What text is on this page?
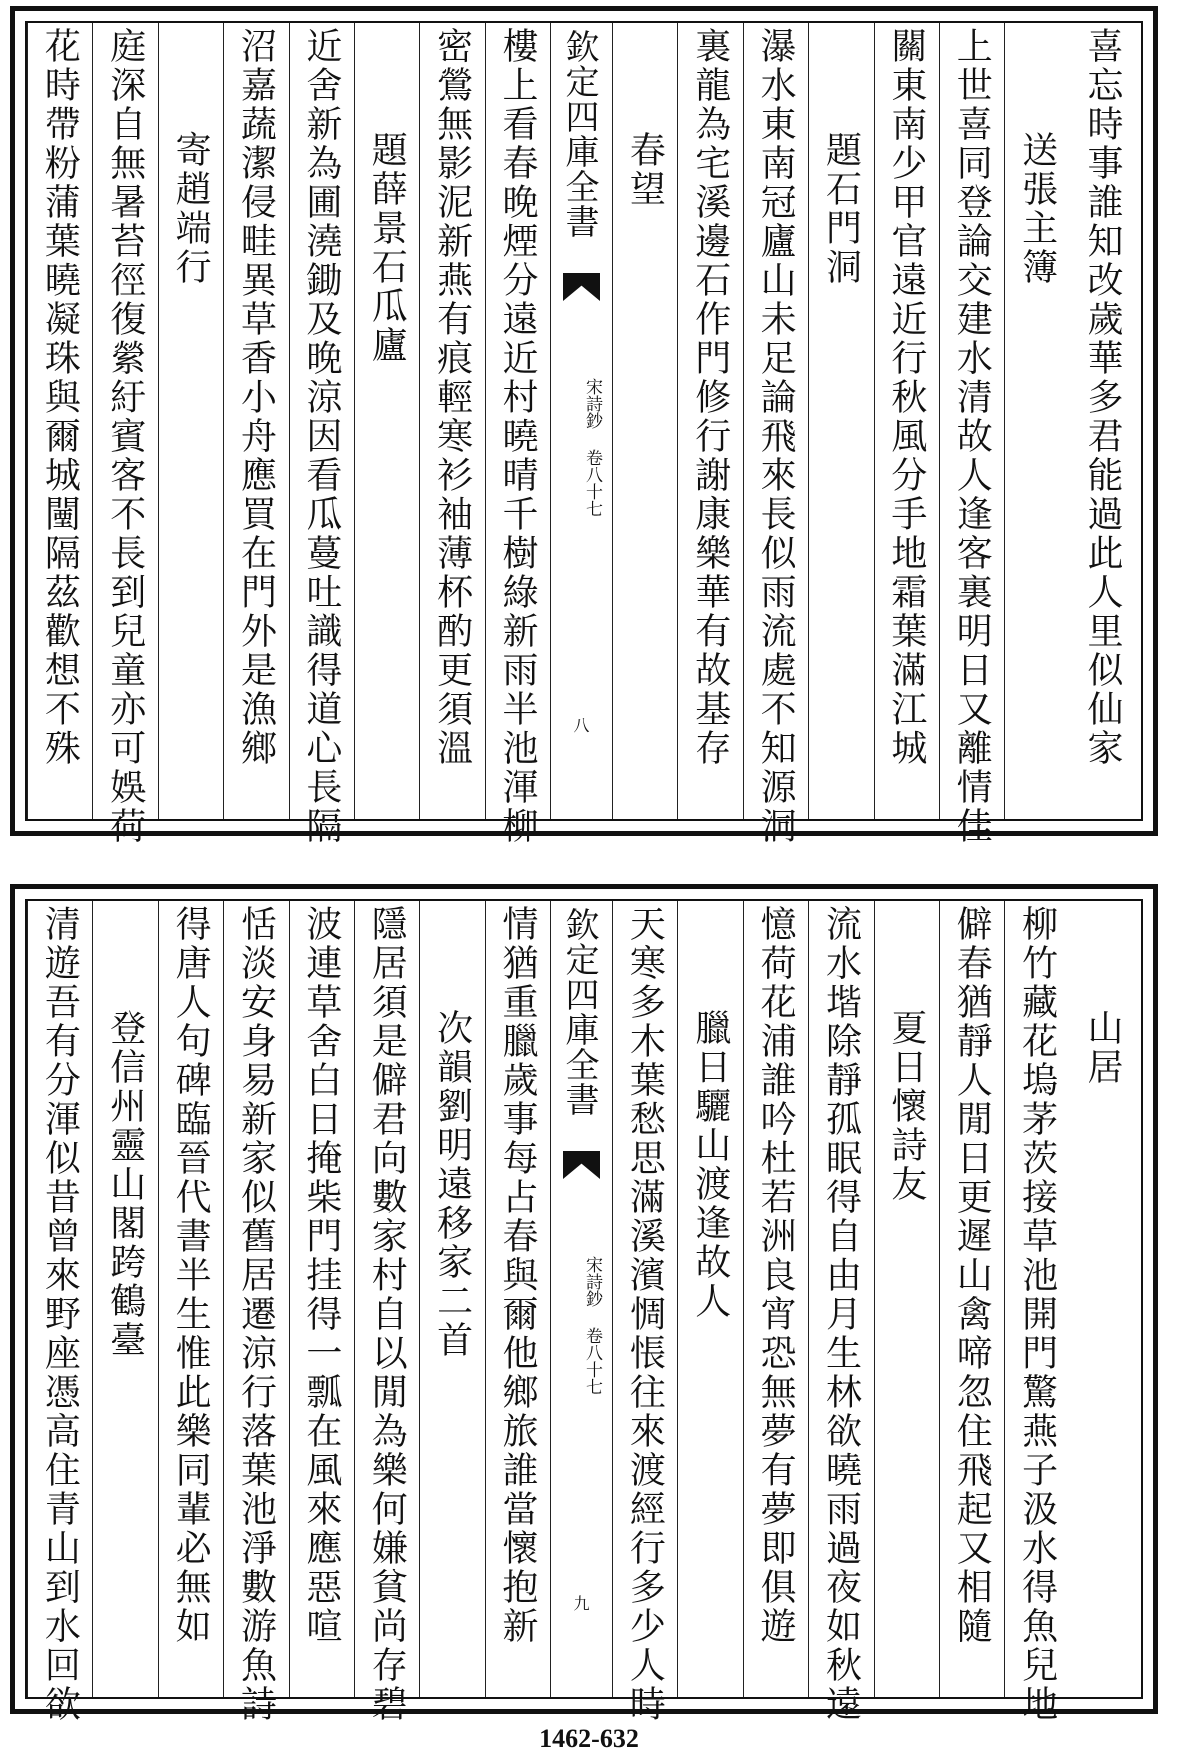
喜忘時事誰知改歲華多君能過此人里似仙家
送張主簿
上世喜同登論交建水清故人逢客裏明日又離情佳
關東南少甲官遠近行秋風分手地霜葉滿江城
題石門洞
瀑水東南冠廬山未足論飛來長似雨流處不知源洞
裏龍為宅溪邊石作門修行謝康樂華有故基存
春望
欽定四庫全書
宋詩鈔 卷八十七
八
樓上看春晚煙分遠近村曉晴千樹綠新雨半池渾柳
密鶯無影泥新燕有痕輕寒衫袖薄杯酌更須溫
題薛景石瓜廬
近舍新為圃澆鋤及晚涼因看瓜蔓吐識得道心長隔
沼嘉蔬潔侵畦異草香小舟應買在門外是漁鄉
寄趙端行
庭深自無暑苔徑復縈紆賓客不長到兒童亦可娛荷
花時帶粉蒲葉曉凝珠與爾城闉隔茲歡想不殊
山居
柳竹藏花塢茅茨接草池開門驚燕子汲水得魚兒地
僻春猶靜人閒日更遲山禽啼忽住飛起又相隨
夏日懷詩友
流水堦除靜孤眠得自由月生林欲曉雨過夜如秋遠
憶荷花浦誰吟杜若洲良宵恐無夢有夢即俱遊
臘日驪山渡逢故人
天寒多木葉愁思滿溪濱惆悵往來渡經行多少人時
欽定四庫全書
宋詩鈔 卷八十七
九
情猶重臘歲事每占春與爾他鄉旅誰當懷抱新
次韻劉明遠移家二首
隱居須是僻君向數家村自以閒為樂何嫌貧尚存碧
波連草舍白日掩柴門挂得一瓢在風來應惡喧
恬淡安身易新家似舊居遷涼行落葉池淨數游魚詩
得唐人句碑臨晉代書半生惟此樂同輩必無如
登信州靈山閣跨鶴臺
清遊吾有分渾似昔曾來野座憑高住青山到水回欲
1462-632
